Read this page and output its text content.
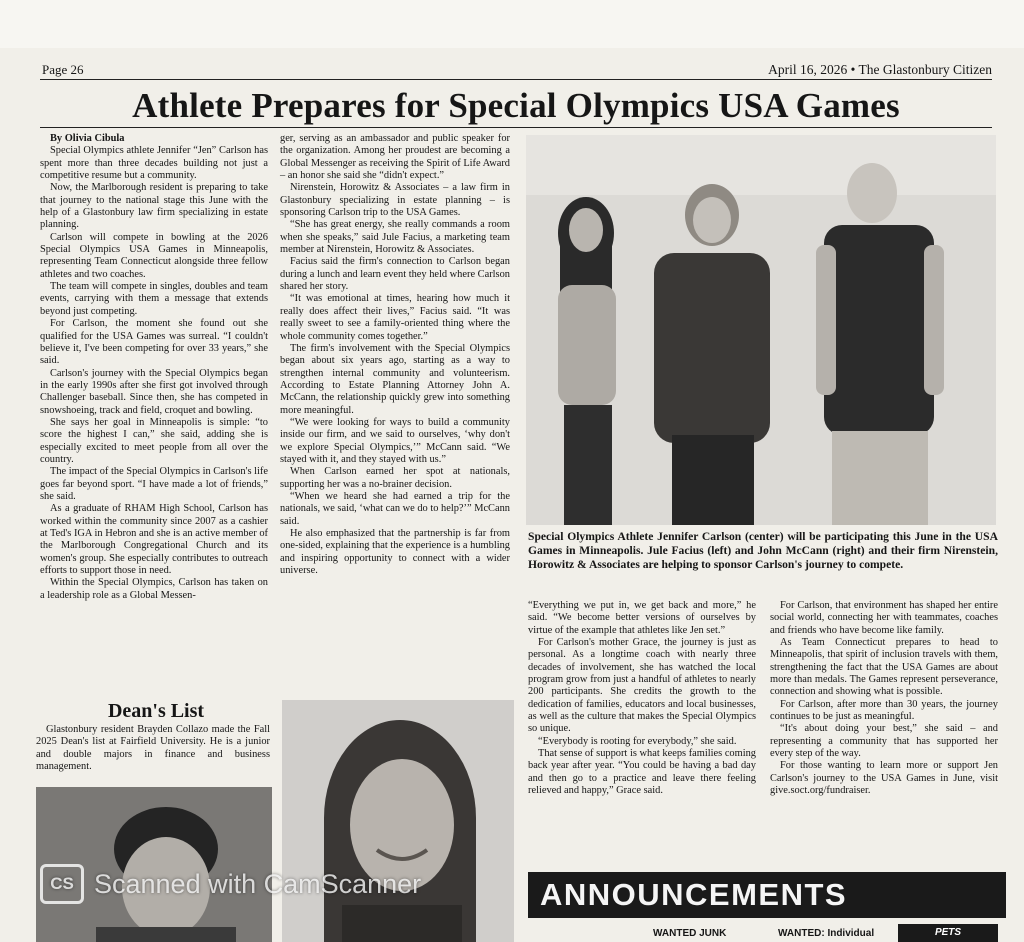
Page 26	April 16, 2026 • The Glastonbury Citizen
Athlete Prepares for Special Olympics USA Games

By Olivia Cibula

Special Olympics athlete Jennifer “Jen” Carlson has spent more than three decades building not just a competitive resume but a community.

Now, the Marlborough resident is preparing to take that journey to the national stage this June with the help of a Glastonbury law firm specializing in estate planning.

Carlson will compete in bowling at the 2026 Special Olympics USA Games in Minneapolis, representing Team Connecticut alongside three fellow athletes and two coaches.

The team will compete in singles, doubles and team events, carrying with them a message that extends beyond just competing.

For Carlson, the moment she found out she qualified for the USA Games was surreal. “I couldn't believe it, I've been competing for over 33 years,” she said.

Carlson's journey with the Special Olympics began in the early 1990s after she first got involved through Challenger baseball. Since then, she has competed in snowshoeing, track and field, croquet and bowling.

She says her goal in Minneapolis is simple: “to score the highest I can,” she said, adding she is especially excited to meet people from all over the country.

The impact of the Special Olympics in Carlson's life goes far beyond sport. “I have made a lot of friends,” she said.

As a graduate of RHAM High School, Carlson has worked within the community since 2007 as a cashier at Ted's IGA in Hebron and she is an active member of the Marlborough Congregational Church and its women's group. She especially contributes to outreach efforts to support those in need.

Within the Special Olympics, Carlson has taken on a leadership role as a Global Messen-

ger, serving as an ambassador and public speaker for the organization. Among her proudest are becoming a Global Messenger as receiving the Spirit of Life Award – an honor she said she “didn't expect.”

Nirenstein, Horowitz & Associates – a law firm in Glastonbury specializing in estate planning – is sponsoring Carlson trip to the USA Games.

“She has great energy, she really commands a room when she speaks,” said Jule Facius, a marketing team member at Nirenstein, Horowitz & Associates.

Facius said the firm's connection to Carlson began during a lunch and learn event they held where Carlson shared her story.

“It was emotional at times, hearing how much it really does affect their lives,” Facius said. “It was really sweet to see a family-oriented thing where the whole community comes together.”

The firm's involvement with the Special Olympics began about six years ago, starting as a way to strengthen internal community and volunteerism. According to Estate Planning Attorney John A. McCann, the relationship quickly grew into something more meaningful.

“We were looking for ways to build a community inside our firm, and we said to ourselves, ‘why don't we explore Special Olympics,’” McCann said. “We stayed with it, and they stayed with us.”

When Carlson earned her spot at nationals, supporting her was a no-brainer decision.

“When we heard she had earned a trip for the nationals, we said, ‘what can we do to help?’” McCann said.

He also emphasized that the partnership is far from one-sided, explaining that the experience is a humbling and inspiring opportunity to connect with a wider universe.

Special Olympics Athlete Jennifer Carlson (center) will be participating this June in the USA Games in Minneapolis. Jule Facius (left) and John McCann (right) and their firm Nirenstein, Horowitz & Associates are helping to sponsor Carlson's journey to compete.

“Everything we put in, we get back and more,” he said. “We become better versions of ourselves by virtue of the example that athletes like Jen set.”

For Carlson's mother Grace, the journey is just as personal. As a longtime coach with nearly three decades of involvement, she has watched the local program grow from just a handful of athletes to nearly 200 participants. She credits the growth to the dedication of families, educators and local businesses, as well as the culture that makes the Special Olympics so unique.

“Everybody is rooting for everybody,” she said.

That sense of support is what keeps families coming back year after year. “You could be having a bad day and then go to a practice and leave there feeling relieved and happy,” Grace said.

For Carlson, that environment has shaped her entire social world, connecting her with teammates, coaches and friends who have become like family.

As Team Connecticut prepares to head to Minneapolis, that spirit of inclusion travels with them, strengthening the fact that the USA Games are about more than medals. The Games represent perseverance, connection and showing what is possible.

For Carlson, after more than 30 years, the journey continues to be just as meaningful.

“It's about doing your best,” she said – and representing a community that has supported her every step of the way.

For those wanting to learn more or support Jen Carlson's journey to the USA Games in June, visit give.soct.org/fundraiser.

Dean's List

Glastonbury resident Brayden Collazo made the Fall 2025 Dean's list at Fairfield University. He is a junior and double majors in finance and business management.

ANNOUNCEMENTS
WANTED JUNK	WANTED: Individual	PETS
CS Scanned with CamScanner
